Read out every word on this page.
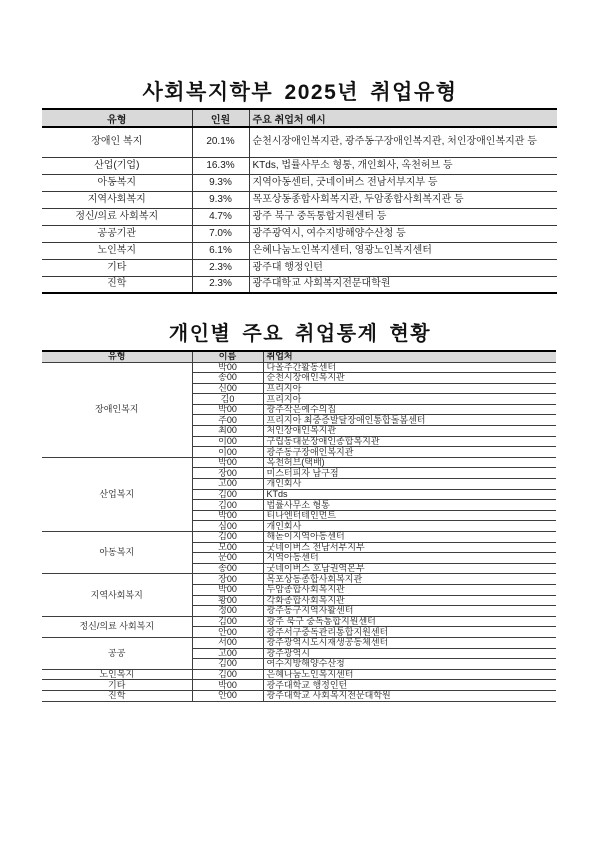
사회복지학부 2025년 취업유형
유형	인원	주요 취업처 예시
장애인 복지	20.1%	순천시장애인복지관, 광주동구장애인복지관, 처인장애인복지관 등
산업(기업)	16.3%	KTds, 법률사무소 형통, 개인회사, 옥천허브 등
아동복지	9.3%	지역아동센터, 굿네이버스 전남서부지부 등
지역사회복지	9.3%	목포상동종합사회복지관, 두암종합사회복지관 등
정신/의료 사회복지	4.7%	광주 북구 중독통합지원센터 등
공공기관	7.0%	광주광역시, 여수지방해양수산청 등
노인복지	6.1%	은혜나눔노인복지센터, 영광노인복지센터
기타	2.3%	광주대 행정인턴
진학	2.3%	광주대학교 사회복지전문대학원
개인별 주요 취업통계 현황
유형	이름	취업처
장애인복지	박00	다올주간활동센터
	송00	순천시장애인복지관
	신00	프리지아
	김0	프리지아
	박00	광주작은예수의집
	주00	프리지아 최중증발달장애인통합돌봄센터
	최00	처인장애인복지관
	이00	구립동대문장애인종합복지관
	이00	광주동구장애인복지관
산업복지	박00	옥천허브(택배)
	장00	미스터피자 남구점
	고00	개인회사
	김00	KTds
	김00	법률사무소 형통
	박00	티나엔터테인먼트
	심00	개인회사
아동복지	김00	해돋이지역아동센터
	모00	굿네이버스 전남서부지부
	문00	지역아동센터
	송00	굿네이버스 호남권역본부
지역사회복지	장00	목포상동종합사회복지관
	박00	두암종합사회복지관
	황00	각화종합사회복지관
	정00	광주동구지역자활센터
정신/의료 사회복지	김00	광주 북구 중독통합지원센터
	안00	광주서구중독관리통합지원센터
공공	서00	광주광역시도시재생공동체센터
	고00	광주광역시
	김00	여수지방해양수산청
노인복지	김00	은혜나눔노인복지센터
기타	박00	광주대학교 행정인턴
진학	안00	광주대학교 사회복지전문대학원
